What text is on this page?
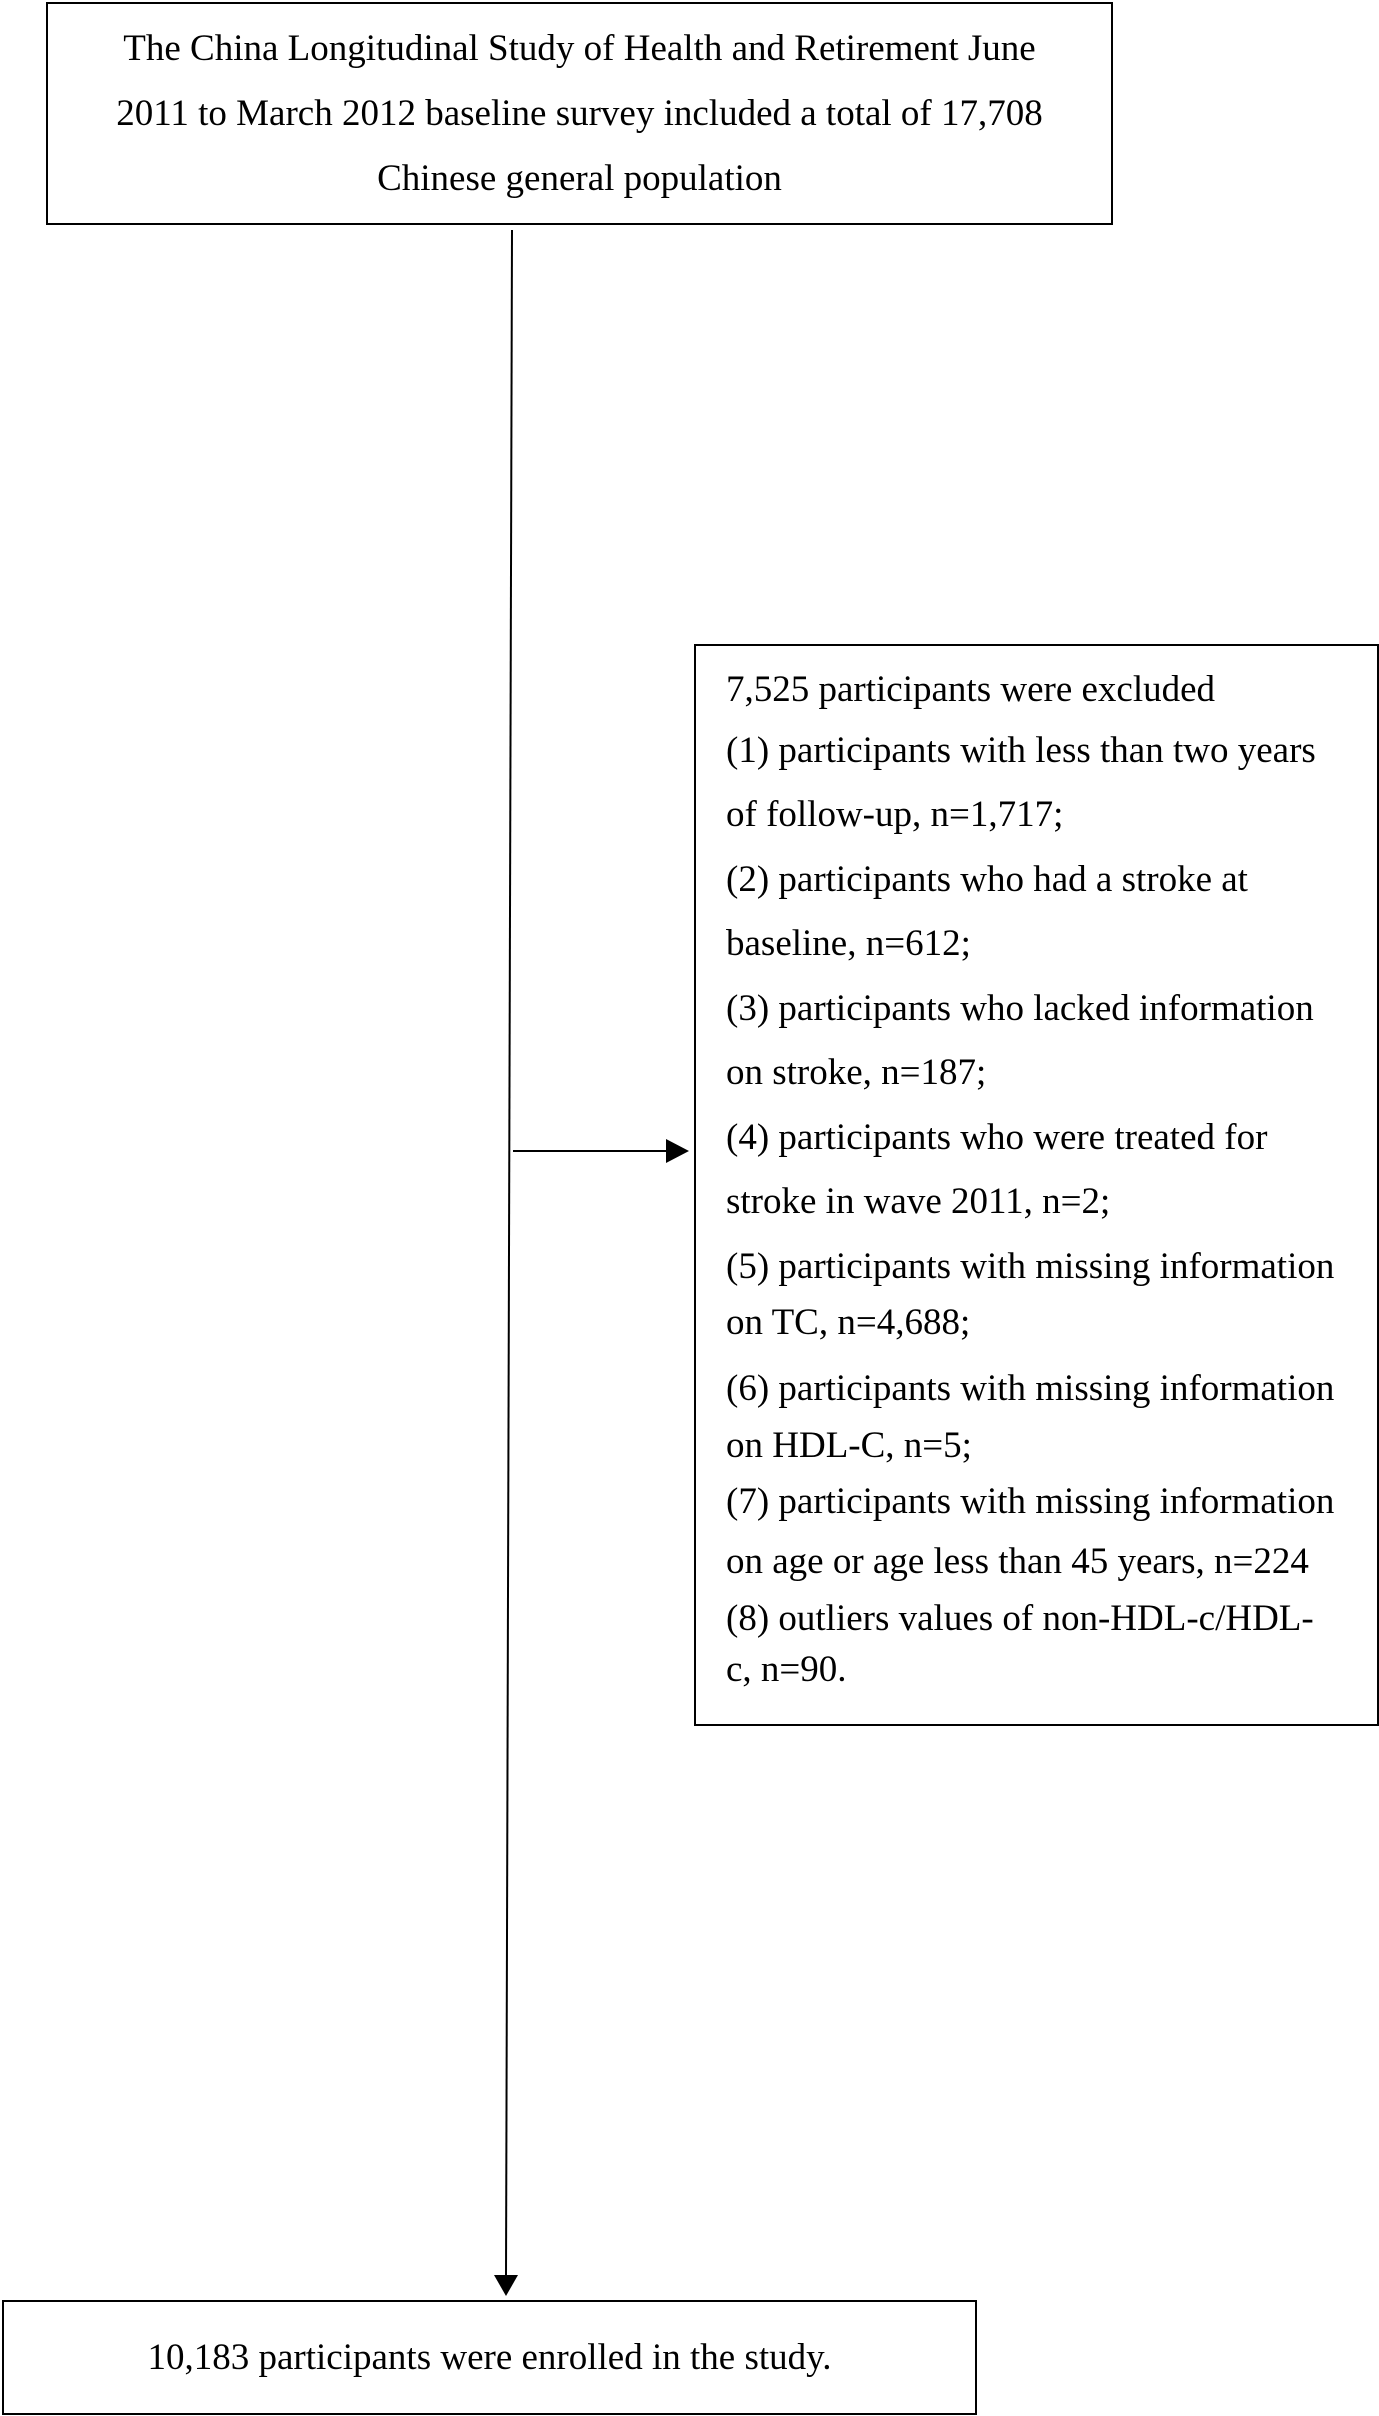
The China Longitudinal Study of Health and Retirement June
2011 to March 2012 baseline survey included a total of 17,708
Chinese general population
7,525 participants were excluded
(1) participants with less than two years
of follow-up, n=1,717;
(2) participants who had a stroke at
baseline, n=612;
(3) participants who lacked information
on stroke, n=187;
(4) participants who were treated for
stroke in wave 2011, n=2;
(5) participants with missing information
on TC, n=4,688;
(6) participants with missing information
on HDL-C, n=5;
(7) participants with missing information
on age or age less than 45 years, n=224
(8) outliers values of non-HDL-c/HDL-
c, n=90.
10,183 participants were enrolled in the study.
